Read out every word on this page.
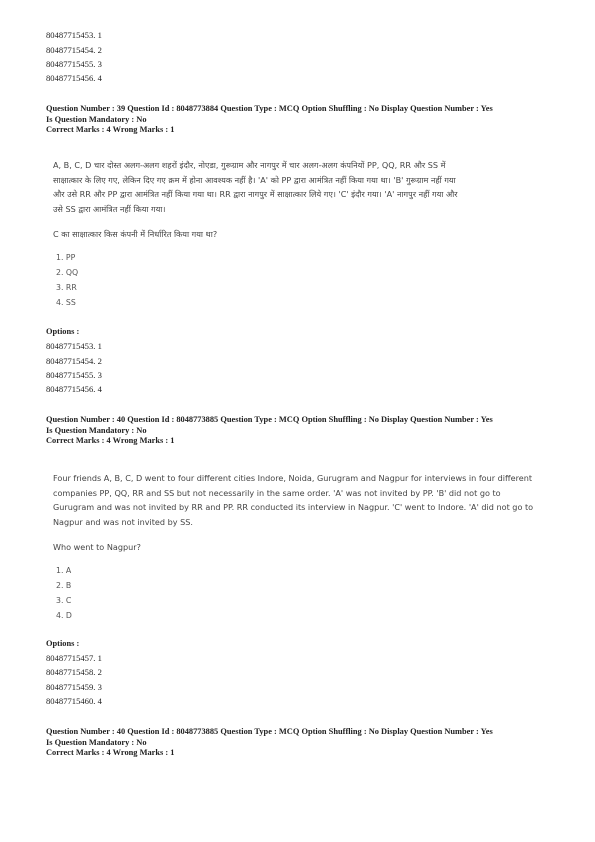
80487715453. 1
80487715454. 2
80487715455. 3
80487715456. 4
Question Number : 39 Question Id : 8048773884 Question Type : MCQ Option Shuffling : No Display Question Number : Yes
Is Question Mandatory : No
Correct Marks : 4 Wrong Marks : 1
A, B, C, D चार दोस्त अलग-अलग शहरों इंदौर, नोएडा, गुरूग्राम और नागपुर में चार अलग-अलग कंपनियों PP, QQ, RR और SS में
साक्षात्कार के लिए गए, लेकिन दिए गए क्रम में होना आवश्यक नहीं है। 'A' को PP द्वारा आमंत्रित नहीं किया गया था। 'B' गुरूग्राम नहीं गया
और उसे RR और PP द्वारा आमंत्रित नहीं किया गया था। RR द्वारा नागपुर में साक्षात्कार लिये गए। 'C' इंदौर गया। 'A' नागपुर नहीं गया और
उसे SS द्वारा आमंत्रित नहीं किया गया।
C का साक्षात्कार किस कंपनी में निर्धारित किया गया था?
1. PP
2. QQ
3. RR
4. SS
Options :
80487715453. 1
80487715454. 2
80487715455. 3
80487715456. 4
Question Number : 40 Question Id : 8048773885 Question Type : MCQ Option Shuffling : No Display Question Number : Yes
Is Question Mandatory : No
Correct Marks : 4 Wrong Marks : 1
Four friends A, B, C, D went to four different cities Indore, Noida, Gurugram and Nagpur for interviews in four different
companies PP, QQ, RR and SS but not necessarily in the same order. 'A' was not invited by PP. 'B' did not go to
Gurugram and was not invited by RR and PP. RR conducted its interview in Nagpur. 'C' went to Indore. 'A' did not go to
Nagpur and was not invited by SS.
Who went to Nagpur?
1. A
2. B
3. C
4. D
Options :
80487715457. 1
80487715458. 2
80487715459. 3
80487715460. 4
Question Number : 40 Question Id : 8048773885 Question Type : MCQ Option Shuffling : No Display Question Number : Yes
Is Question Mandatory : No
Correct Marks : 4 Wrong Marks : 1
